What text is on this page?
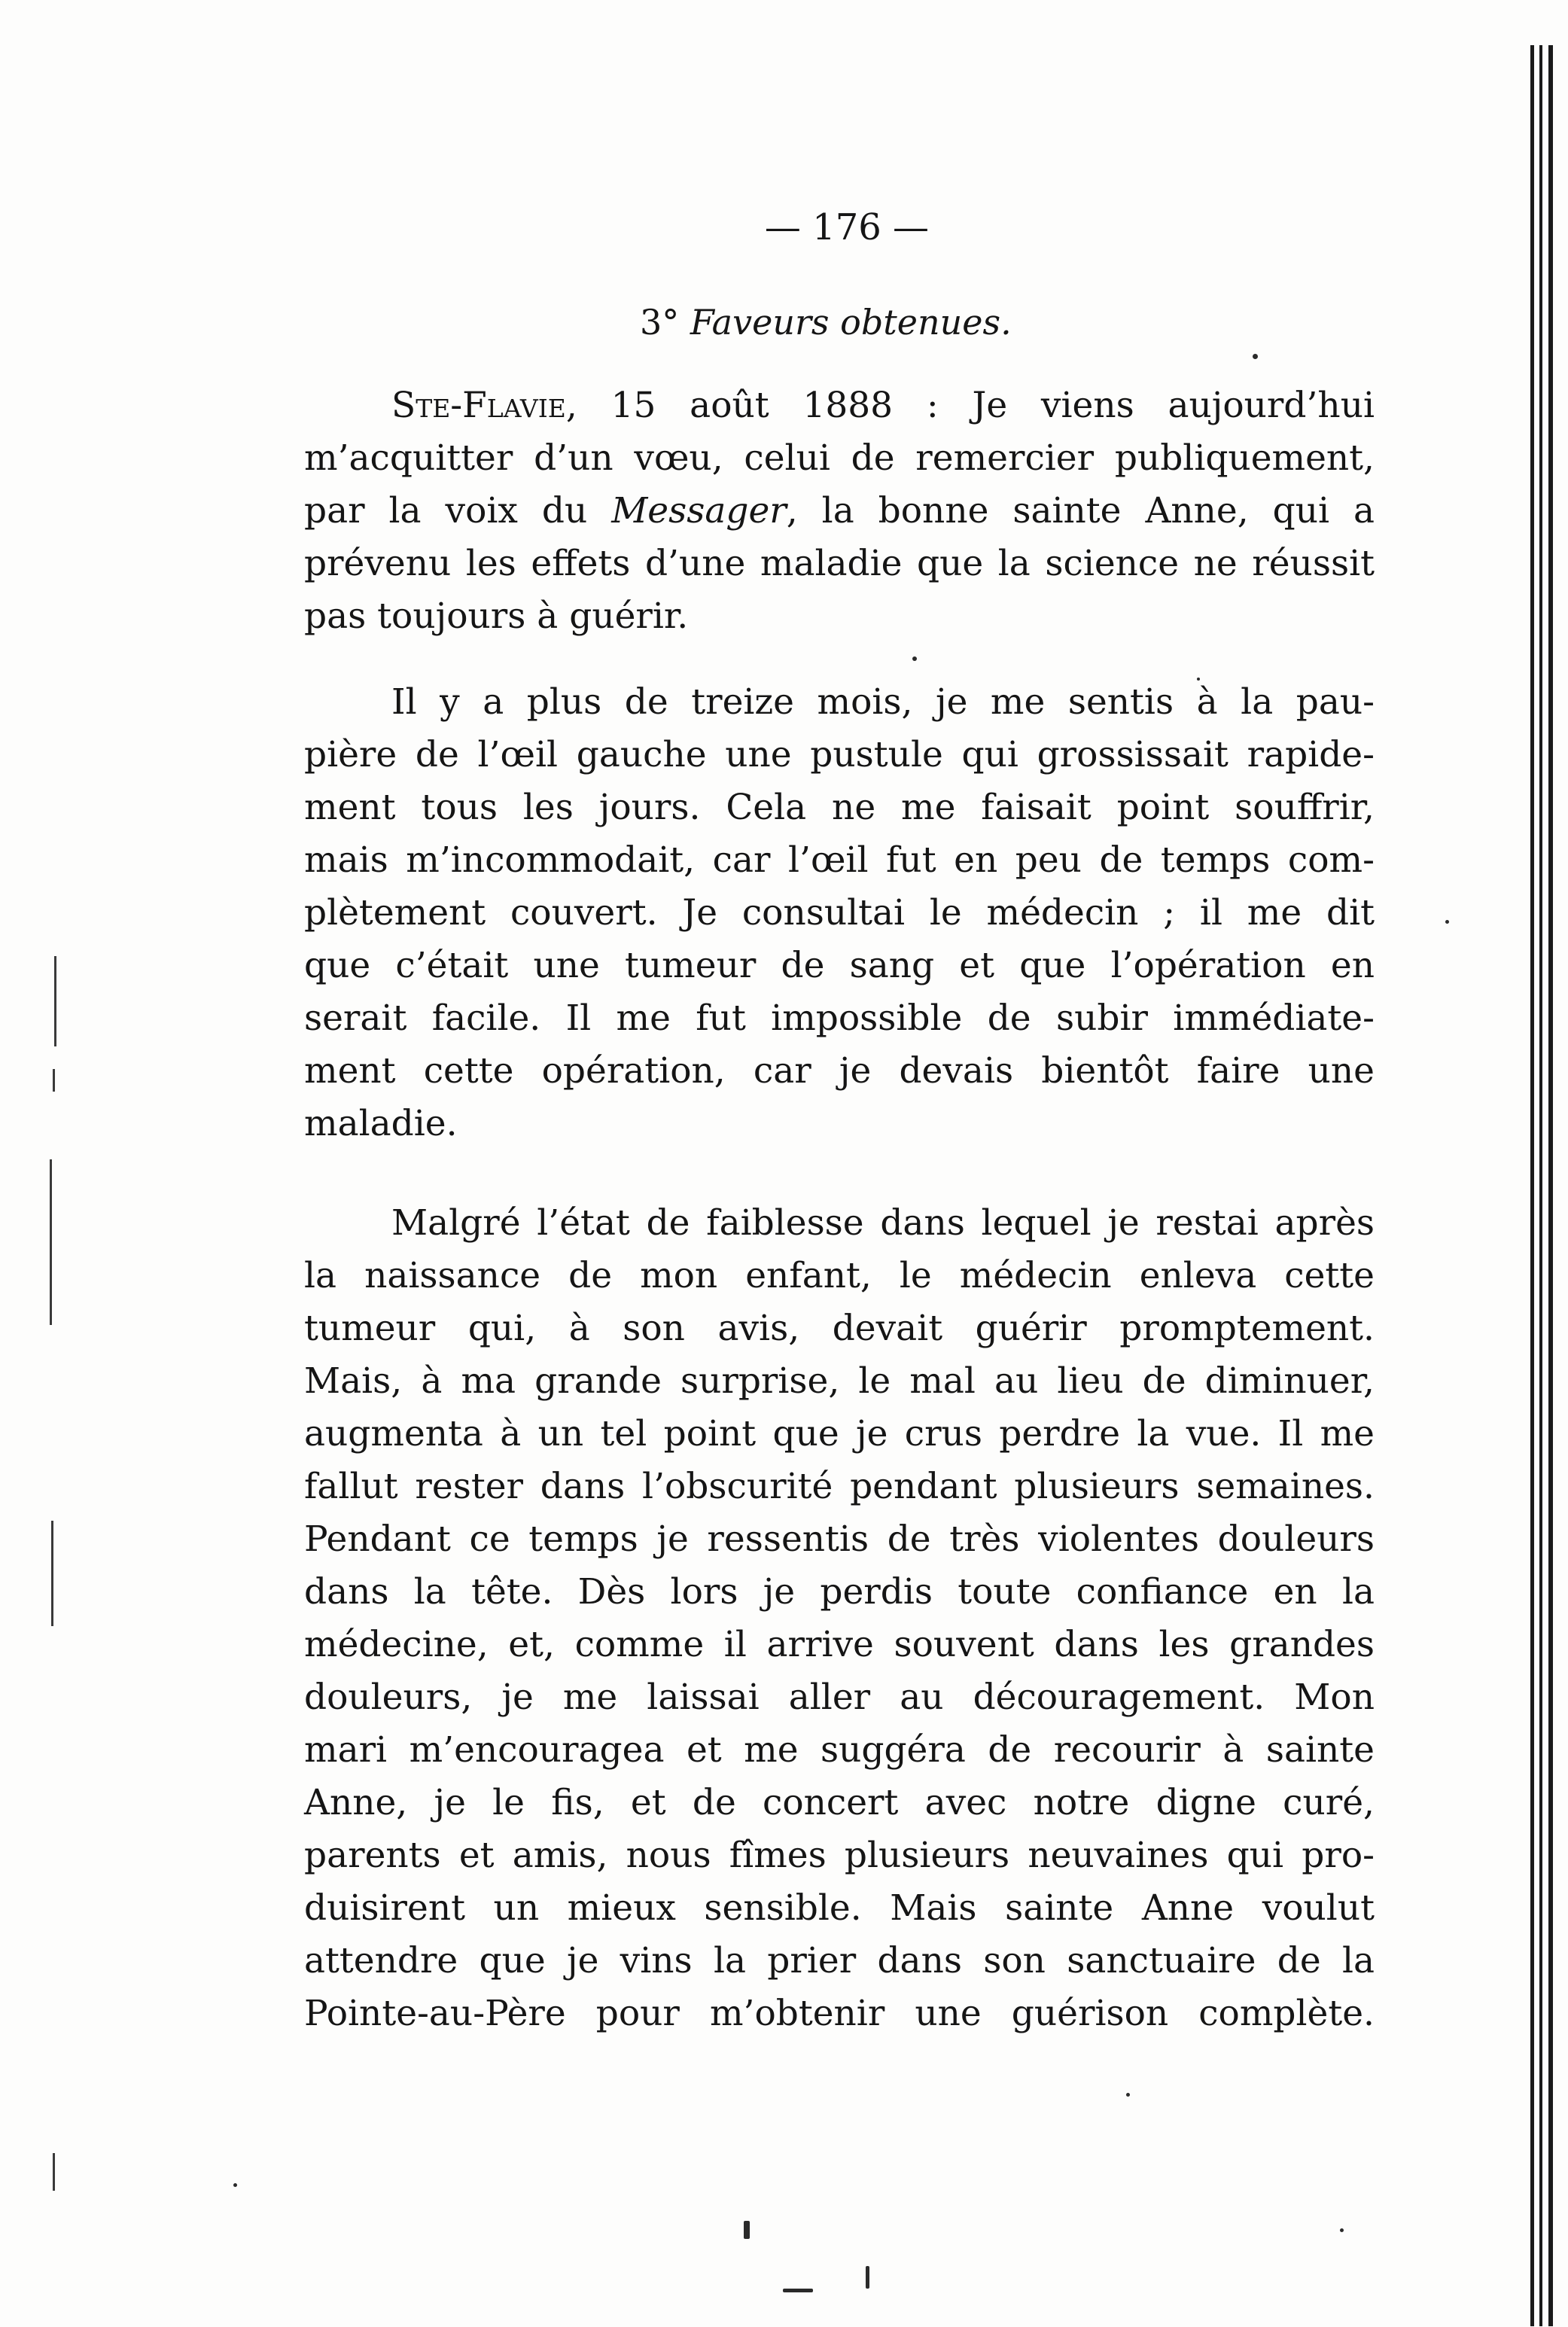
— 176 —
3° Faveurs obtenues.
Ste-Flavie, 15 août 1888 : Je viens aujourd’hui
m’acquitter d’un vœu, celui de remercier publiquement,
par la voix du Messager, la bonne sainte Anne, qui a
prévenu les effets d’une maladie que la science ne réussit
pas toujours à guérir.
Il y a plus de treize mois, je me sentis à la pau-
pière de l’œil gauche une pustule qui grossissait rapide-
ment tous les jours. Cela ne me faisait point souffrir,
mais m’incommodait, car l’œil fut en peu de temps com-
plètement couvert. Je consultai le médecin ; il me dit
que c’était une tumeur de sang et que l’opération en
serait facile. Il me fut impossible de subir immédiate-
ment cette opération, car je devais bientôt faire une
maladie.
Malgré l’état de faiblesse dans lequel je restai après
la naissance de mon enfant, le médecin enleva cette
tumeur qui, à son avis, devait guérir promptement.
Mais, à ma grande surprise, le mal au lieu de diminuer,
augmenta à un tel point que je crus perdre la vue. Il me
fallut rester dans l’obscurité pendant plusieurs semaines.
Pendant ce temps je ressentis de très violentes douleurs
dans la tête. Dès lors je perdis toute confiance en la
médecine, et, comme il arrive souvent dans les grandes
douleurs, je me laissai aller au découragement. Mon
mari m’encouragea et me suggéra de recourir à sainte
Anne, je le fis, et de concert avec notre digne curé,
parents et amis, nous fîmes plusieurs neuvaines qui pro-
duisirent un mieux sensible. Mais sainte Anne voulut
attendre que je vins la prier dans son sanctuaire de la
Pointe-au-Père pour m’obtenir une guérison complète.
